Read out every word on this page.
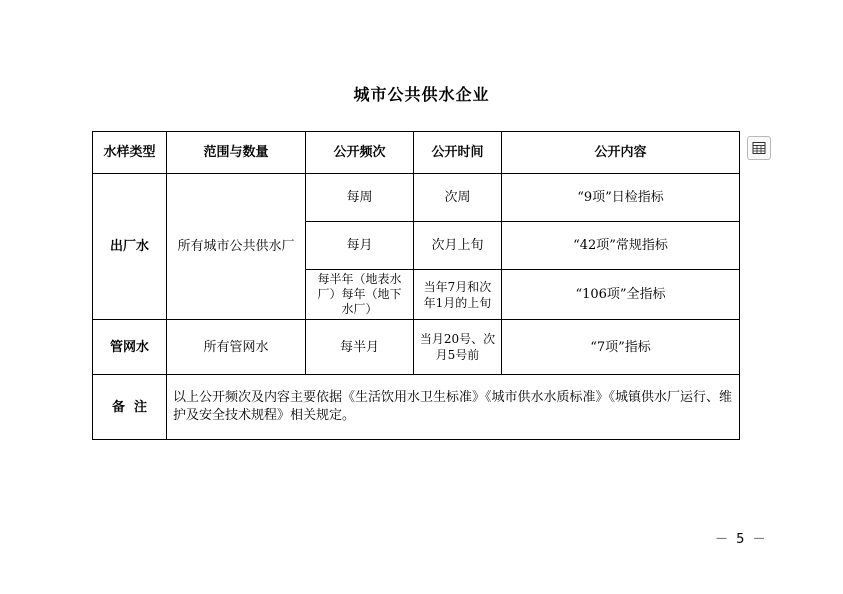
城市公共供水企业
水样类型	范围与数量	公开频次	公开时间	公开内容
出厂水	所有城市公共供水厂	每周	次周	“9项”日检指标
		每月	次月上旬	“42项”常规指标
		每半年（地表水厂）每年（地下水厂）	当年7月和次年1月的上旬	“106项”全指标
管网水	所有管网水	每半月	当月20号、次月5号前	“7项”指标
备  注	以上公开频次及内容主要依据《生活饮用水卫生标准》《城市供水水质标准》《城镇供水厂运行、维护及安全技术规程》相关规定。			
－ 5 －
